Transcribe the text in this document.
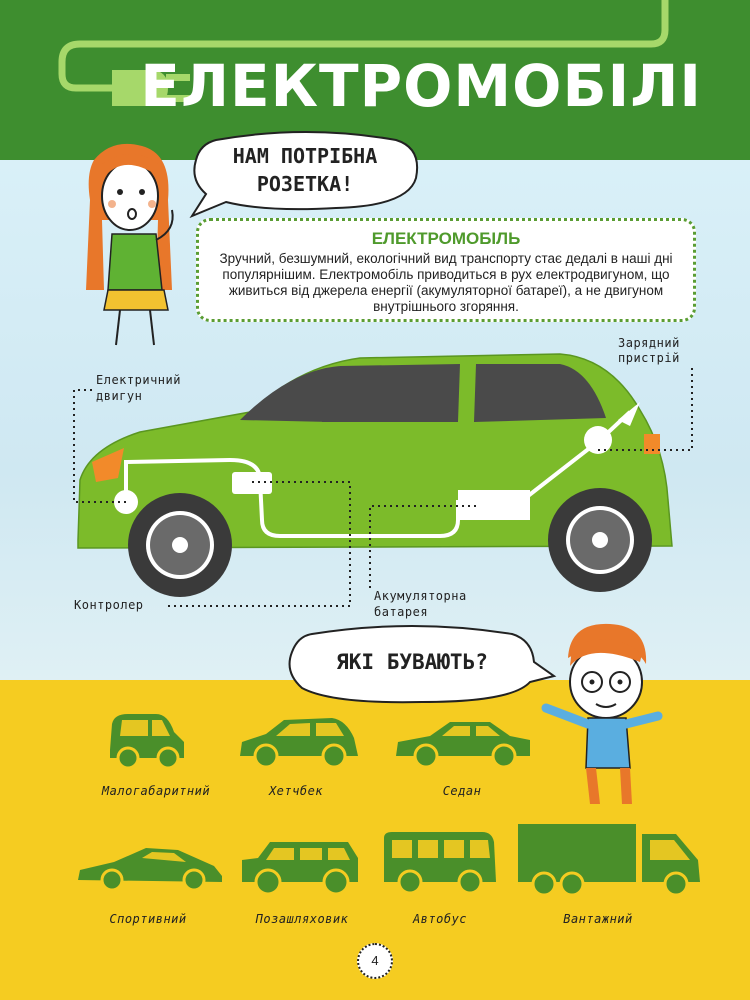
ЕЛЕКТРОМОБІЛІ
НАМ ПОТРІБНА
РОЗЕТКА!
ЕЛЕКТРОМОБІЛЬ
Зручний, безшумний, екологічний вид транспорту стає дедалі в наші дні популярнішим. Електромобіль приводиться в рух електродвигуном, що живиться від джерела енергії (акумуляторної батареї), а не двигуном внутрішнього згоряння.
Електричний
двигун
Зарядний
пристрій
Контролер
Акумуляторна
батарея
ЯКІ БУВАЮТЬ?
Малогабаритний	Хетчбек	Седан
Спортивний	Позашляховик	Автобус	Вантажний
4
